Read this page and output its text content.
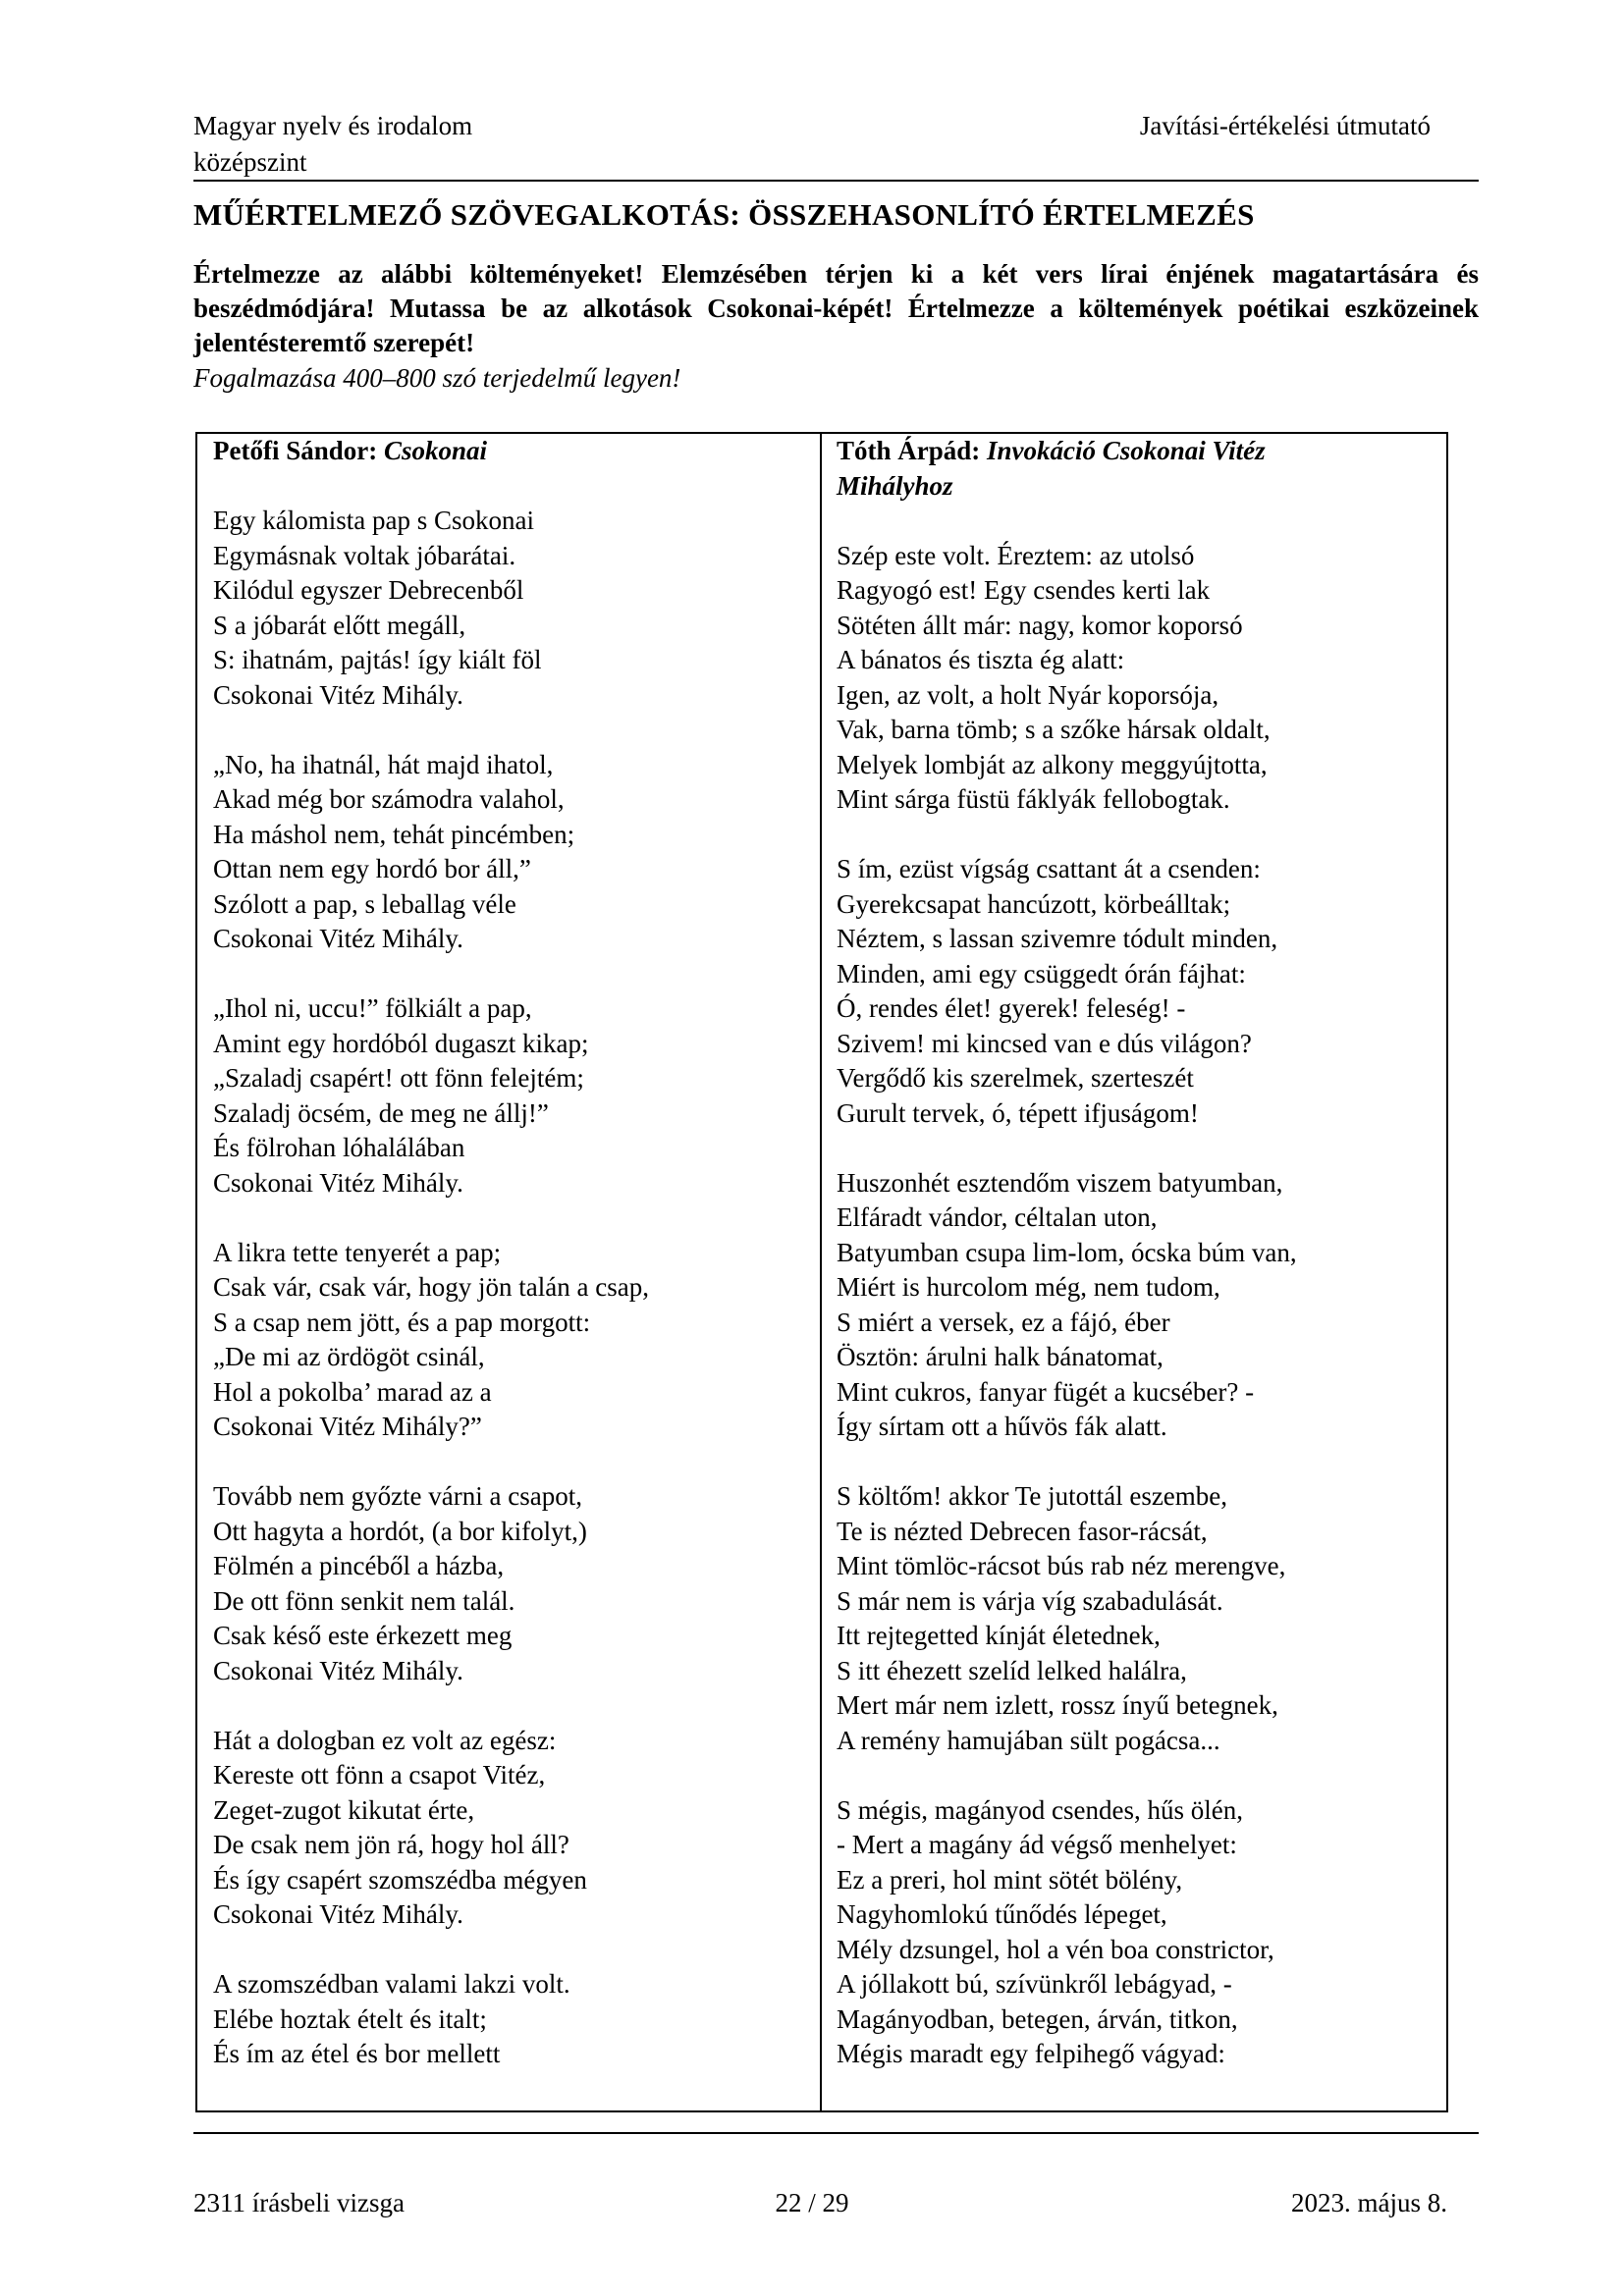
Magyar nyelv és irodalom
középszint
Javítási-értékelési útmutató
MŰÉRTELMEZŐ SZÖVEGALKOTÁS: ÖSSZEHASONLÍTÓ ÉRTELMEZÉS
Értelmezze az alábbi költeményeket! Elemzésében térjen ki a két vers lírai énjének magatartására és beszédmódjára! Mutassa be az alkotások Csokonai-képét! Értelmezze a költemények poétikai eszközeinek jelentésteremtő szerepét!
Fogalmazása 400–800 szó terjedelmű legyen!
Petőfi Sándor: Csokonai
Egy kálomista pap s Csokonai
Egymásnak voltak jóbarátai.
Kilódul egyszer Debrecenből
S a jóbarát előtt megáll,
S: ihatnám, pajtás! így kiált föl
Csokonai Vitéz Mihály.
„No, ha ihatnál, hát majd ihatol,
Akad még bor számodra valahol,
Ha máshol nem, tehát pincémben;
Ottan nem egy hordó bor áll,”
Szólott a pap, s leballag véle
Csokonai Vitéz Mihály.
„Ihol ni, uccu!” fölkiált a pap,
Amint egy hordóból dugaszt kikap;
„Szaladj csapért! ott fönn felejtém;
Szaladj öcsém, de meg ne állj!”
És fölrohan lóhalálában
Csokonai Vitéz Mihály.
A likra tette tenyerét a pap;
Csak vár, csak vár, hogy jön talán a csap,
S a csap nem jött, és a pap morgott:
„De mi az ördögöt csinál,
Hol a pokolba’ marad az a
Csokonai Vitéz Mihály?”
Tovább nem győzte várni a csapot,
Ott hagyta a hordót, (a bor kifolyt,)
Fölmén a pincéből a házba,
De ott fönn senkit nem talál.
Csak késő este érkezett meg
Csokonai Vitéz Mihály.
Hát a dologban ez volt az egész:
Kereste ott fönn a csapot Vitéz,
Zeget-zugot kikutat érte,
De csak nem jön rá, hogy hol áll?
És így csapért szomszédba mégyen
Csokonai Vitéz Mihály.
A szomszédban valami lakzi volt.
Elébe hoztak ételt és italt;
És ím az étel és bor mellett
Tóth Árpád: Invokáció Csokonai Vitéz
Mihályhoz
Szép este volt. Éreztem: az utolsó
Ragyogó est! Egy csendes kerti lak
Sötéten állt már: nagy, komor koporsó
A bánatos és tiszta ég alatt:
Igen, az volt, a holt Nyár koporsója,
Vak, barna tömb; s a szőke hársak oldalt,
Melyek lombját az alkony meggyújtotta,
Mint sárga füstü fáklyák fellobogtak.
S ím, ezüst vígság csattant át a csenden:
Gyerekcsapat hancúzott, körbeálltak;
Néztem, s lassan szivemre tódult minden,
Minden, ami egy csüggedt órán fájhat:
Ó, rendes élet! gyerek! feleség! -
Szivem! mi kincsed van e dús világon?
Vergődő kis szerelmek, szerteszét
Gurult tervek, ó, tépett ifjuságom!
Huszonhét esztendőm viszem batyumban,
Elfáradt vándor, céltalan uton,
Batyumban csupa lim-lom, ócska búm van,
Miért is hurcolom még, nem tudom,
S miért a versek, ez a fájó, éber
Ösztön: árulni halk bánatomat,
Mint cukros, fanyar fügét a kucséber? -
Így sírtam ott a hűvös fák alatt.
S költőm! akkor Te jutottál eszembe,
Te is nézted Debrecen fasor-rácsát,
Mint tömlöc-rácsot bús rab néz merengve,
S már nem is várja víg szabadulását.
Itt rejtegetted kínját életednek,
S itt éhezett szelíd lelked halálra,
Mert már nem izlett, rossz ínyű betegnek,
A remény hamujában sült pogácsa...
S mégis, magányod csendes, hűs ölén,
- Mert a magány ád végső menhelyet:
Ez a preri, hol mint sötét bölény,
Nagyhomlokú tűnődés lépeget,
Mély dzsungel, hol a vén boa constrictor,
A jóllakott bú, szívünkről lebágyad, -
Magányodban, betegen, árván, titkon,
Mégis maradt egy felpihegő vágyad:
2311 írásbeli vizsga	22 / 29	2023. május 8.
